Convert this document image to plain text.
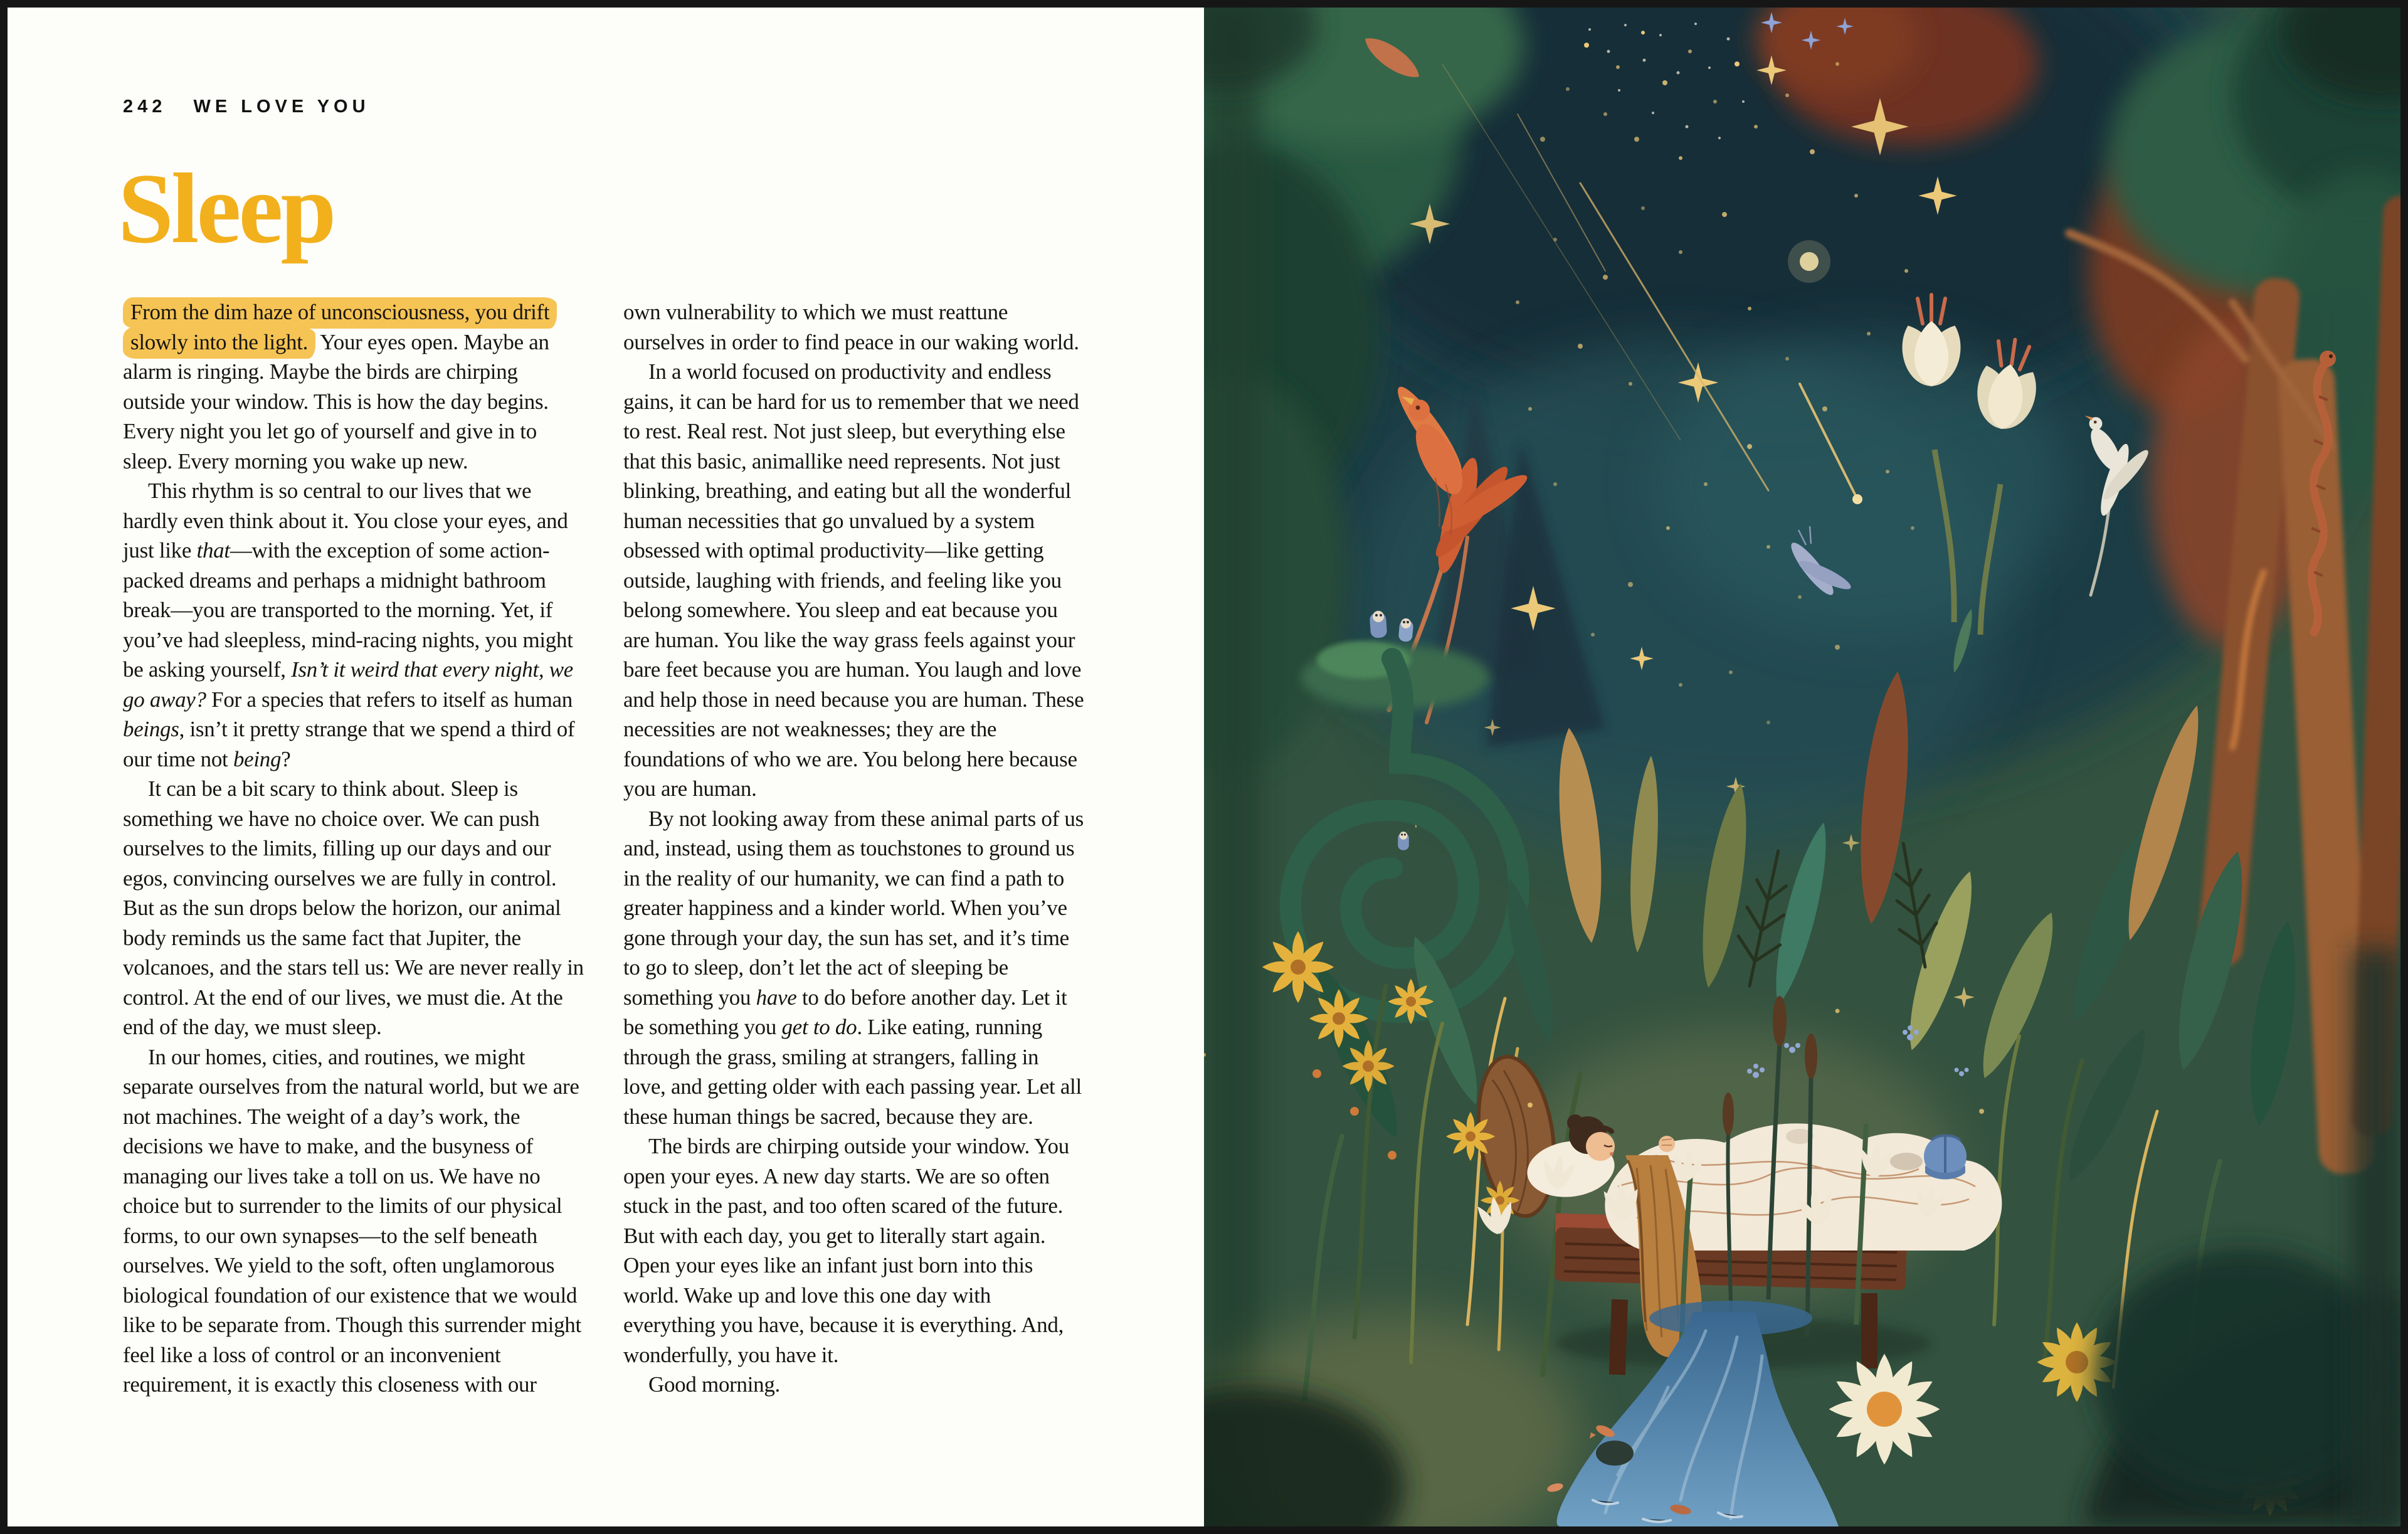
242 WE LOVE YOU
Sleep

From the dim haze of unconsciousness, you drift slowly into the light. Your eyes open. Maybe an alarm is ringing. Maybe the birds are chirping outside your window. This is how the day begins. Every night you let go of yourself and give in to sleep. Every morning you wake up new.

This rhythm is so central to our lives that we hardly even think about it. You close your eyes, and just like that—with the exception of some action-packed dreams and perhaps a midnight bathroom break—you are transported to the morning. Yet, if you’ve had sleepless, mind-racing nights, you might be asking yourself, Isn’t it weird that every night, we go away? For a species that refers to itself as human beings, isn’t it pretty strange that we spend a third of our time not being?

It can be a bit scary to think about. Sleep is something we have no choice over. We can push ourselves to the limits, filling up our days and our egos, convincing ourselves we are fully in control. But as the sun drops below the horizon, our animal body reminds us the same fact that Jupiter, the volcanoes, and the stars tell us: We are never really in control. At the end of our lives, we must die. At the end of the day, we must sleep.

In our homes, cities, and routines, we might separate ourselves from the natural world, but we are not machines. The weight of a day’s work, the decisions we have to make, and the busyness of managing our lives take a toll on us. We have no choice but to surrender to the limits of our physical forms, to our own synapses—to the self beneath ourselves. We yield to the soft, often unglamorous biological foundation of our existence that we would like to be separate from. Though this surrender might feel like a loss of control or an inconvenient requirement, it is exactly this closeness with our

own vulnerability to which we must reattune ourselves in order to find peace in our waking world.

In a world focused on productivity and endless gains, it can be hard for us to remember that we need to rest. Real rest. Not just sleep, but everything else that this basic, animallike need represents. Not just blinking, breathing, and eating but all the wonderful human necessities that go unvalued by a system obsessed with optimal productivity—like getting outside, laughing with friends, and feeling like you belong somewhere. You sleep and eat because you are human. You like the way grass feels against your bare feet because you are human. You laugh and love and help those in need because you are human. These necessities are not weaknesses; they are the foundations of who we are. You belong here because you are human.

By not looking away from these animal parts of us and, instead, using them as touchstones to ground us in the reality of our humanity, we can find a path to greater happiness and a kinder world. When you’ve gone through your day, the sun has set, and it’s time to go to sleep, don’t let the act of sleeping be something you have to do before another day. Let it be something you get to do. Like eating, running through the grass, smiling at strangers, falling in love, and getting older with each passing year. Let all these human things be sacred, because they are.

The birds are chirping outside your window. You open your eyes. A new day starts. We are so often stuck in the past, and too often scared of the future. But with each day, you get to literally start again. Open your eyes like an infant just born into this world. Wake up and love this one day with everything you have, because it is everything. And, wonderfully, you have it.

Good morning.
